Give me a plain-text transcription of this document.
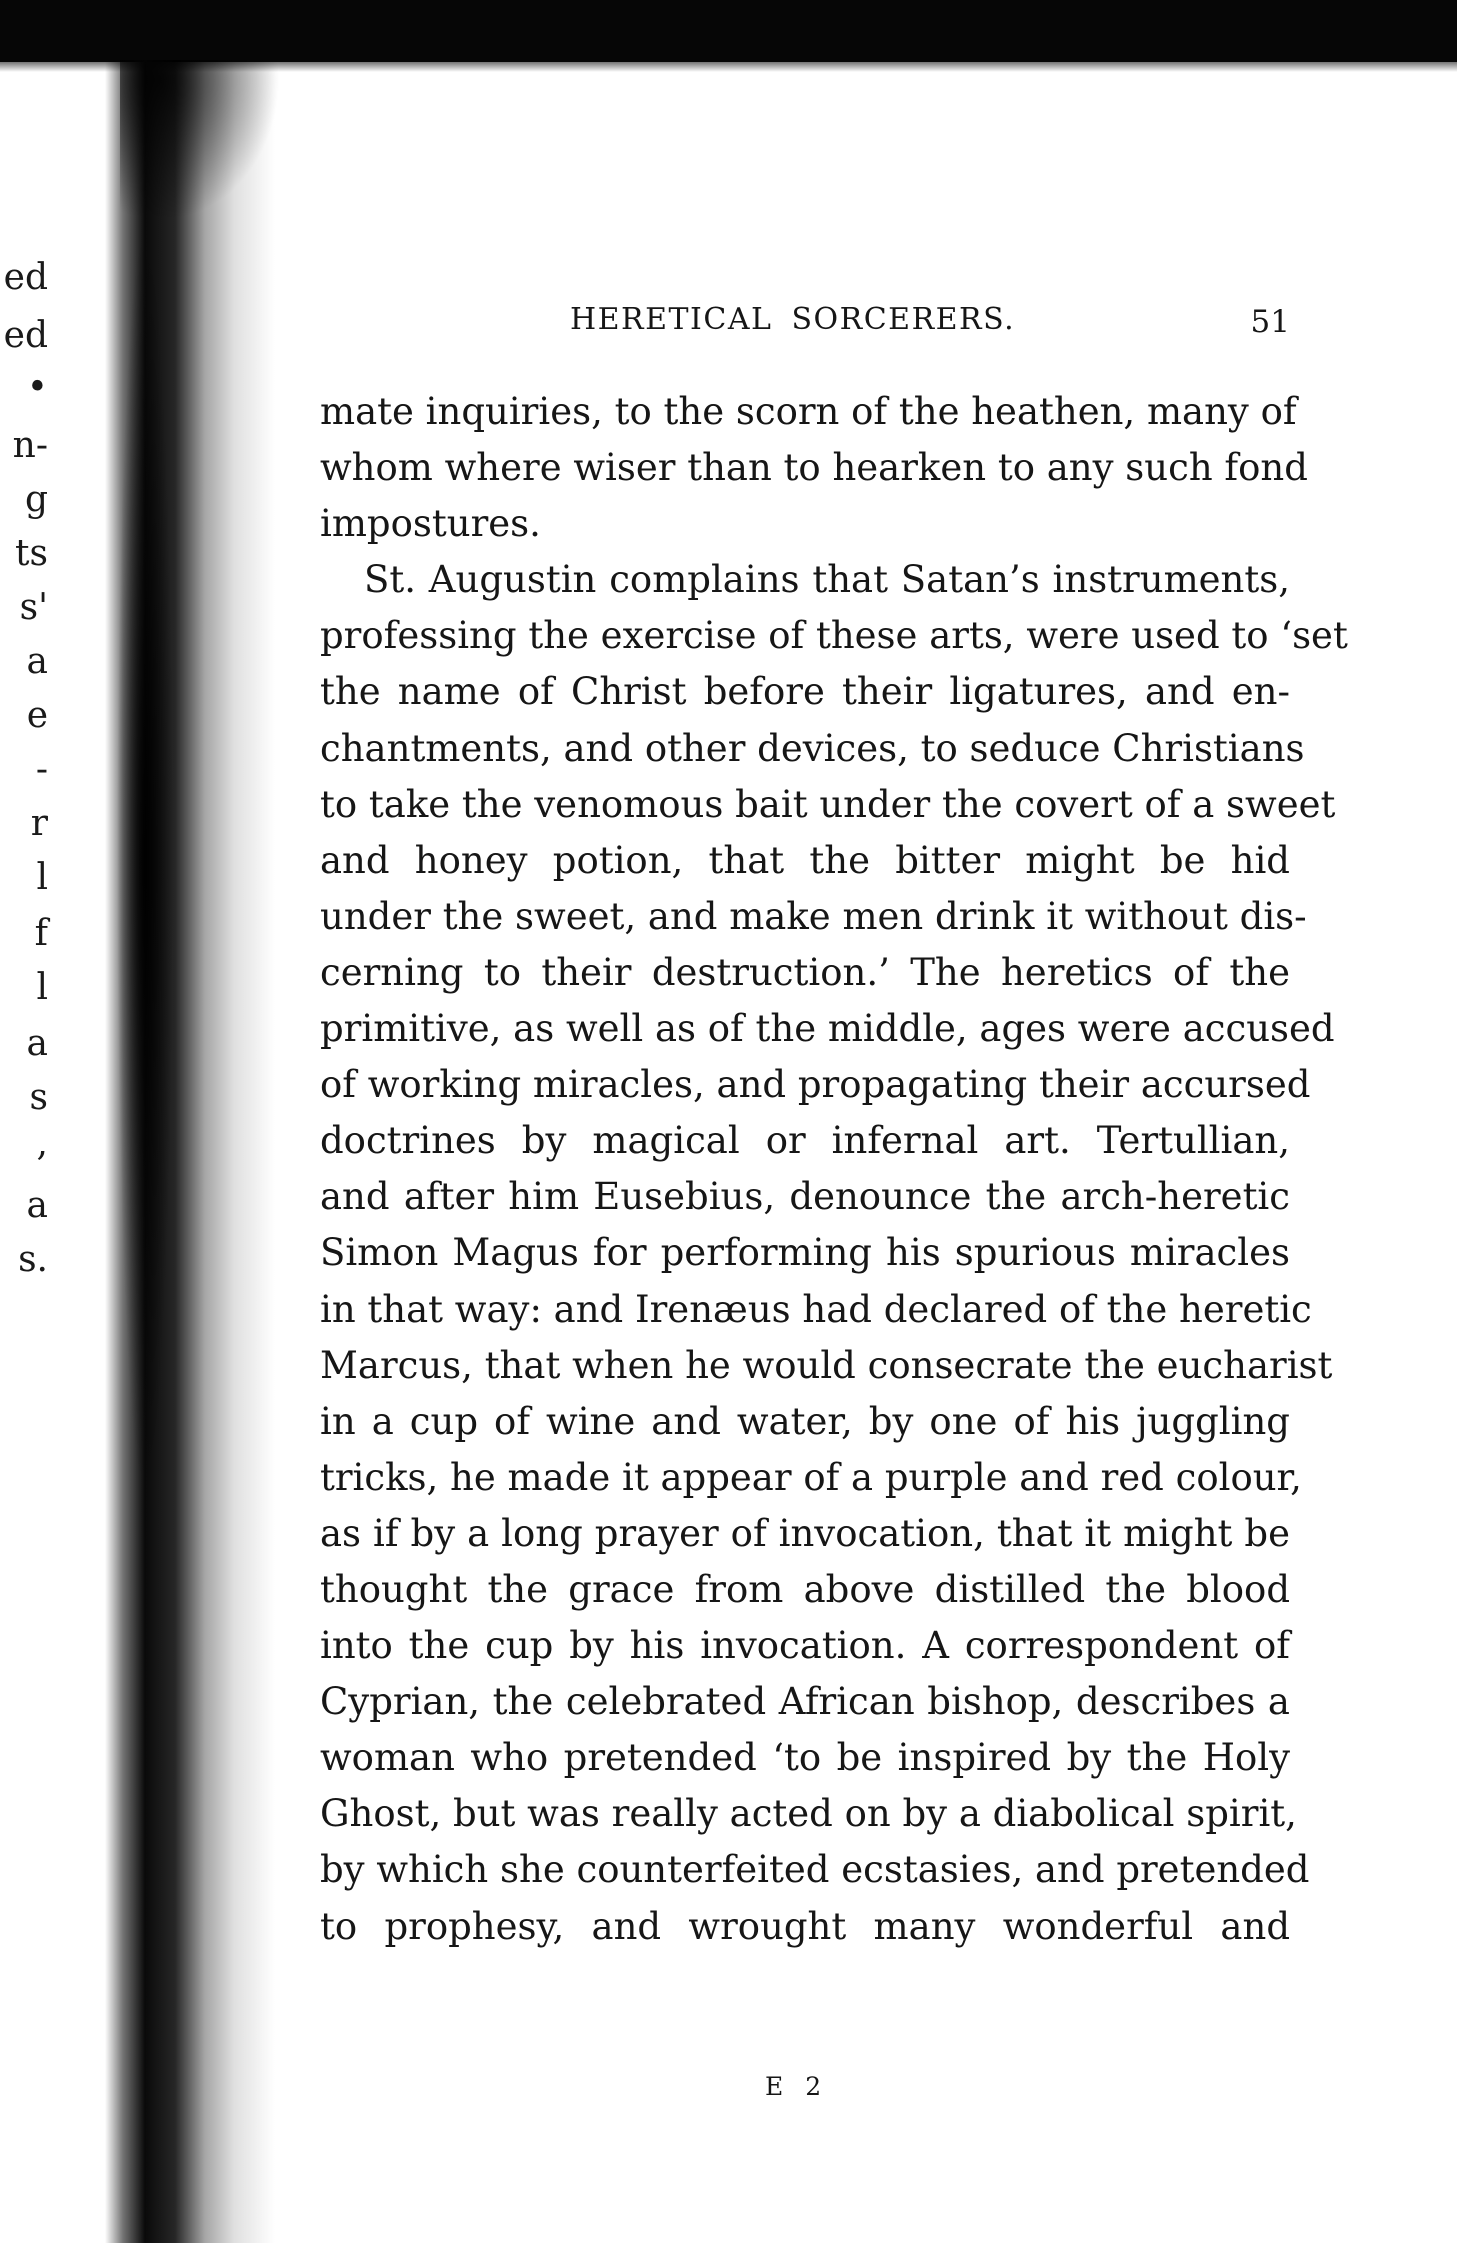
ed
ed
•
n-
g
ts
s'
a
e
-
r
l
f
l
a
s
,
a
s.
HERETICAL SORCERERS.	51
mate inquiries, to the scorn of the heathen, many of
whom where wiser than to hearken to any such fond
impostures.
St. Augustin complains that Satan’s instruments,
professing the exercise of these arts, were used to ‘set
the name of Christ before their ligatures, and en-
chantments, and other devices, to seduce Christians
to take the venomous bait under the covert of a sweet
and honey potion, that the bitter might be hid
under the sweet, and make men drink it without dis-
cerning to their destruction.’ The heretics of the
primitive, as well as of the middle, ages were accused
of working miracles, and propagating their accursed
doctrines by magical or infernal art. Tertullian,
and after him Eusebius, denounce the arch-heretic
Simon Magus for performing his spurious miracles
in that way: and Irenæus had declared of the heretic
Marcus, that when he would consecrate the eucharist
in a cup of wine and water, by one of his juggling
tricks, he made it appear of a purple and red colour,
as if by a long prayer of invocation, that it might be
thought the grace from above distilled the blood
into the cup by his invocation. A correspondent of
Cyprian, the celebrated African bishop, describes a
woman who pretended ‘to be inspired by the Holy
Ghost, but was really acted on by a diabolical spirit,
by which she counterfeited ecstasies, and pretended
to prophesy, and wrought many wonderful and
E 2
